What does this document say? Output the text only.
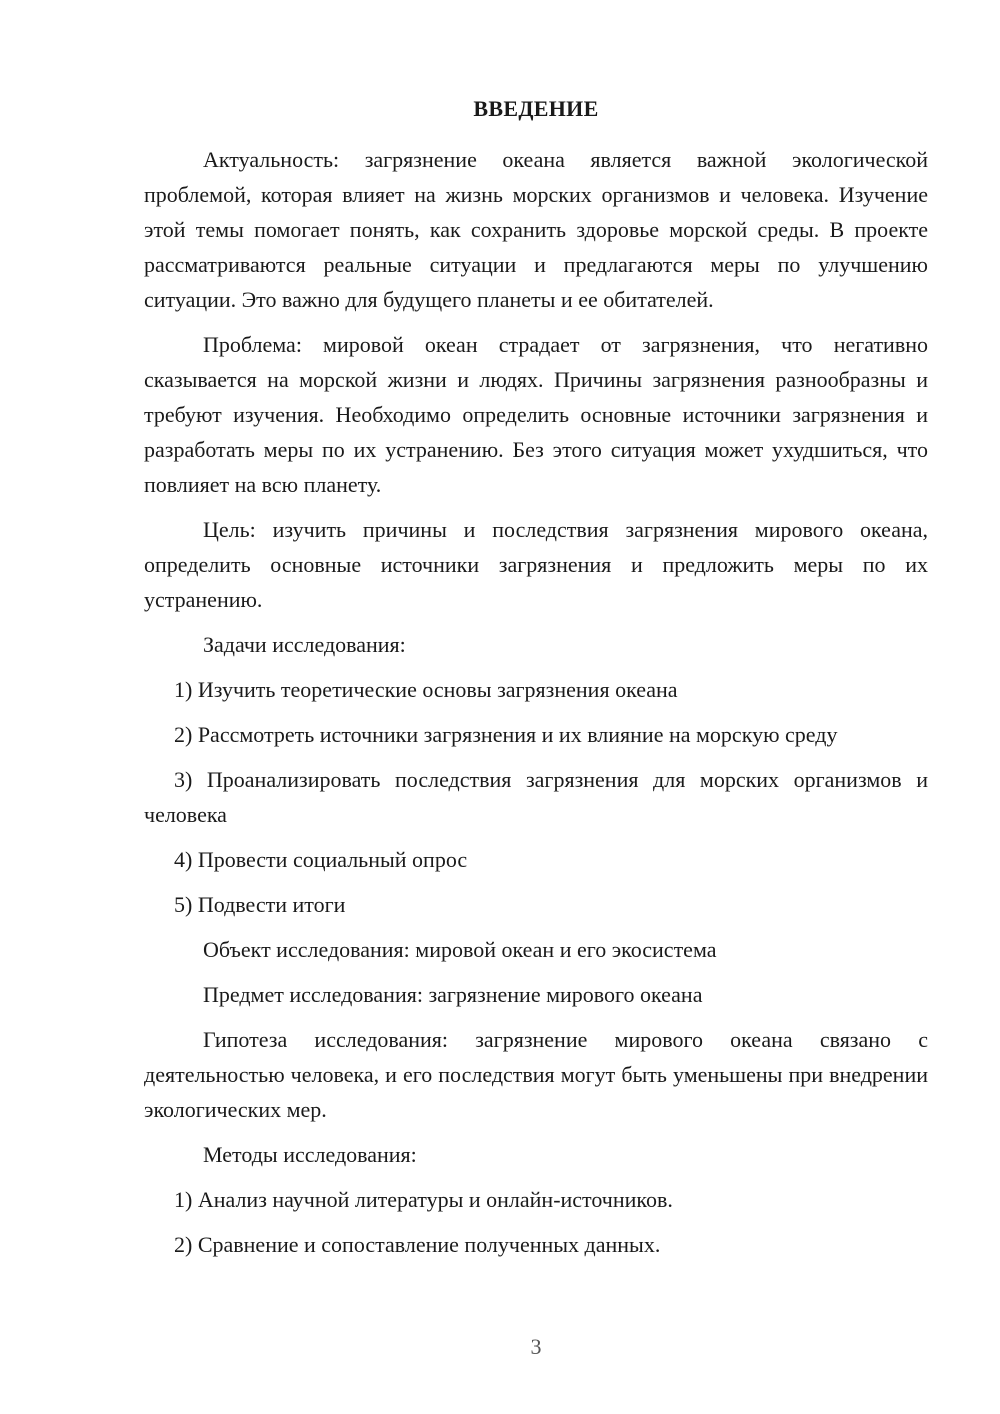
ВВЕДЕНИЕ

Актуальность: загрязнение океана является важной экологической проблемой, которая влияет на жизнь морских организмов и человека. Изучение этой темы помогает понять, как сохранить здоровье морской среды. В проекте рассматриваются реальные ситуации и предлагаются меры по улучшению ситуации. Это важно для будущего планеты и ее обитателей.

Проблема: мировой океан страдает от загрязнения, что негативно сказывается на морской жизни и людях. Причины загрязнения разнообразны и требуют изучения. Необходимо определить основные источники загрязнения и разработать меры по их устранению. Без этого ситуация может ухудшиться, что повлияет на всю планету.

Цель: изучить причины и последствия загрязнения мирового океана, определить основные источники загрязнения и предложить меры по их устранению.

Задачи исследования:

1) Изучить теоретические основы загрязнения океана

2) Рассмотреть источники загрязнения и их влияние на морскую среду

3) Проанализировать последствия загрязнения для морских организмов и человека

4) Провести социальный опрос

5) Подвести итоги

Объект исследования: мировой океан и его экосистема

Предмет исследования: загрязнение мирового океана

Гипотеза исследования: загрязнение мирового океана связано с деятельностью человека, и его последствия могут быть уменьшены при внедрении экологических мер.

Методы исследования:

1) Анализ научной литературы и онлайн-источников.

2) Сравнение и сопоставление полученных данных.

3
